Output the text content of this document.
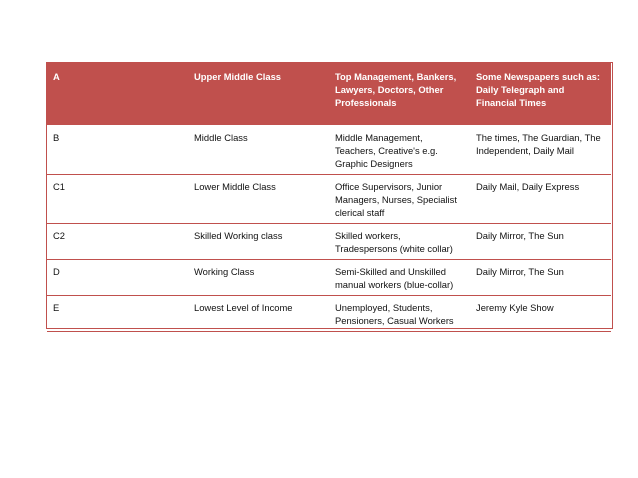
A	Upper Middle Class	Top Management, Bankers, Lawyers, Doctors, Other Professionals	Some Newspapers such as: Daily Telegraph and Financial Times
B	Middle Class	Middle Management, Teachers, Creative's e.g. Graphic Designers	The times, The Guardian, The Independent, Daily Mail
C1	Lower Middle Class	Office Supervisors, Junior Managers, Nurses, Specialist clerical staff	Daily Mail, Daily Express
C2	Skilled Working class	Skilled workers, Tradespersons (white collar)	Daily Mirror, The Sun
D	Working Class	Semi-Skilled and Unskilled manual workers (blue-collar)	Daily Mirror, The Sun
E	Lowest Level of Income	Unemployed, Students, Pensioners, Casual Workers	Jeremy Kyle Show
